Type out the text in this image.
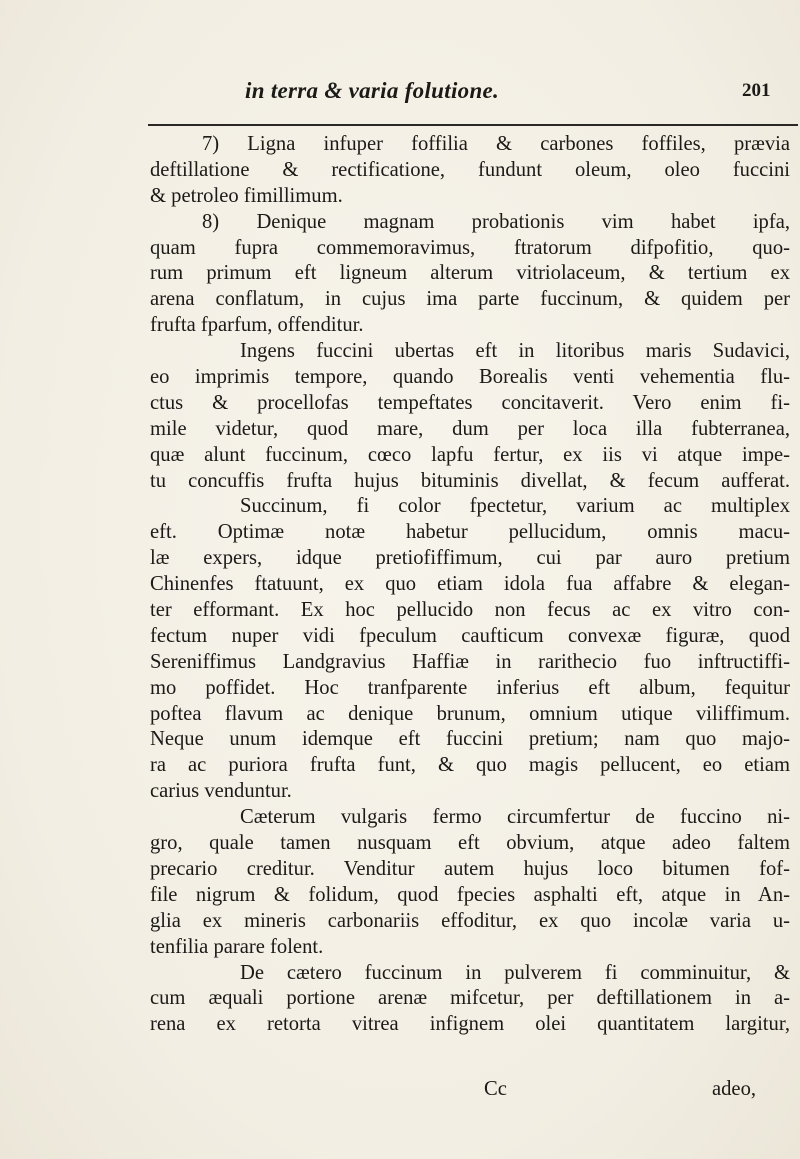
in terra & varia folutione.	201
7) Ligna infuper foffilia & carbones foffiles, prævia
deftillatione & rectificatione, fundunt oleum, oleo fuccini
& petroleo fimillimum.
8) Denique magnam probationis vim habet ipfa,
quam fupra commemoravimus, ftratorum difpofitio, quo-
rum primum eft ligneum alterum vitriolaceum, & tertium ex
arena conflatum, in cujus ima parte fuccinum, & quidem per
frufta fparfum, offenditur.
Ingens fuccini ubertas eft in litoribus maris Sudavici,
eo imprimis tempore, quando Borealis venti vehementia flu-
ctus & procellofas tempeftates concitaverit. Vero enim fi-
mile videtur, quod mare, dum per loca illa fubterranea,
quæ alunt fuccinum, cœco lapfu fertur, ex iis vi atque impe-
tu concuffis frufta hujus bituminis divellat, & fecum aufferat.
Succinum, fi color fpectetur, varium ac multiplex
eft. Optimæ notæ habetur pellucidum, omnis macu-
læ expers, idque pretiofiffimum, cui par auro pretium
Chinenfes ftatuunt, ex quo etiam idola fua affabre & elegan-
ter efformant. Ex hoc pellucido non fecus ac ex vitro con-
fectum nuper vidi fpeculum caufticum convexæ figuræ, quod
Sereniffimus Landgravius Haffiæ in rarithecio fuo inftructiffi-
mo poffidet. Hoc tranfparente inferius eft album, fequitur
poftea flavum ac denique brunum, omnium utique viliffimum.
Neque unum idemque eft fuccini pretium; nam quo majo-
ra ac puriora frufta funt, & quo magis pellucent, eo etiam
carius venduntur.
Cæterum vulgaris fermo circumfertur de fuccino ni-
gro, quale tamen nusquam eft obvium, atque adeo faltem
precario creditur. Venditur autem hujus loco bitumen fof-
file nigrum & folidum, quod fpecies asphalti eft, atque in An-
glia ex mineris carbonariis effoditur, ex quo incolæ varia u-
tenfilia parare folent.
De cætero fuccinum in pulverem fi comminuitur, &
cum æquali portione arenæ mifcetur, per deftillationem in a-
rena ex retorta vitrea infignem olei quantitatem largitur,
Cc	adeo,
